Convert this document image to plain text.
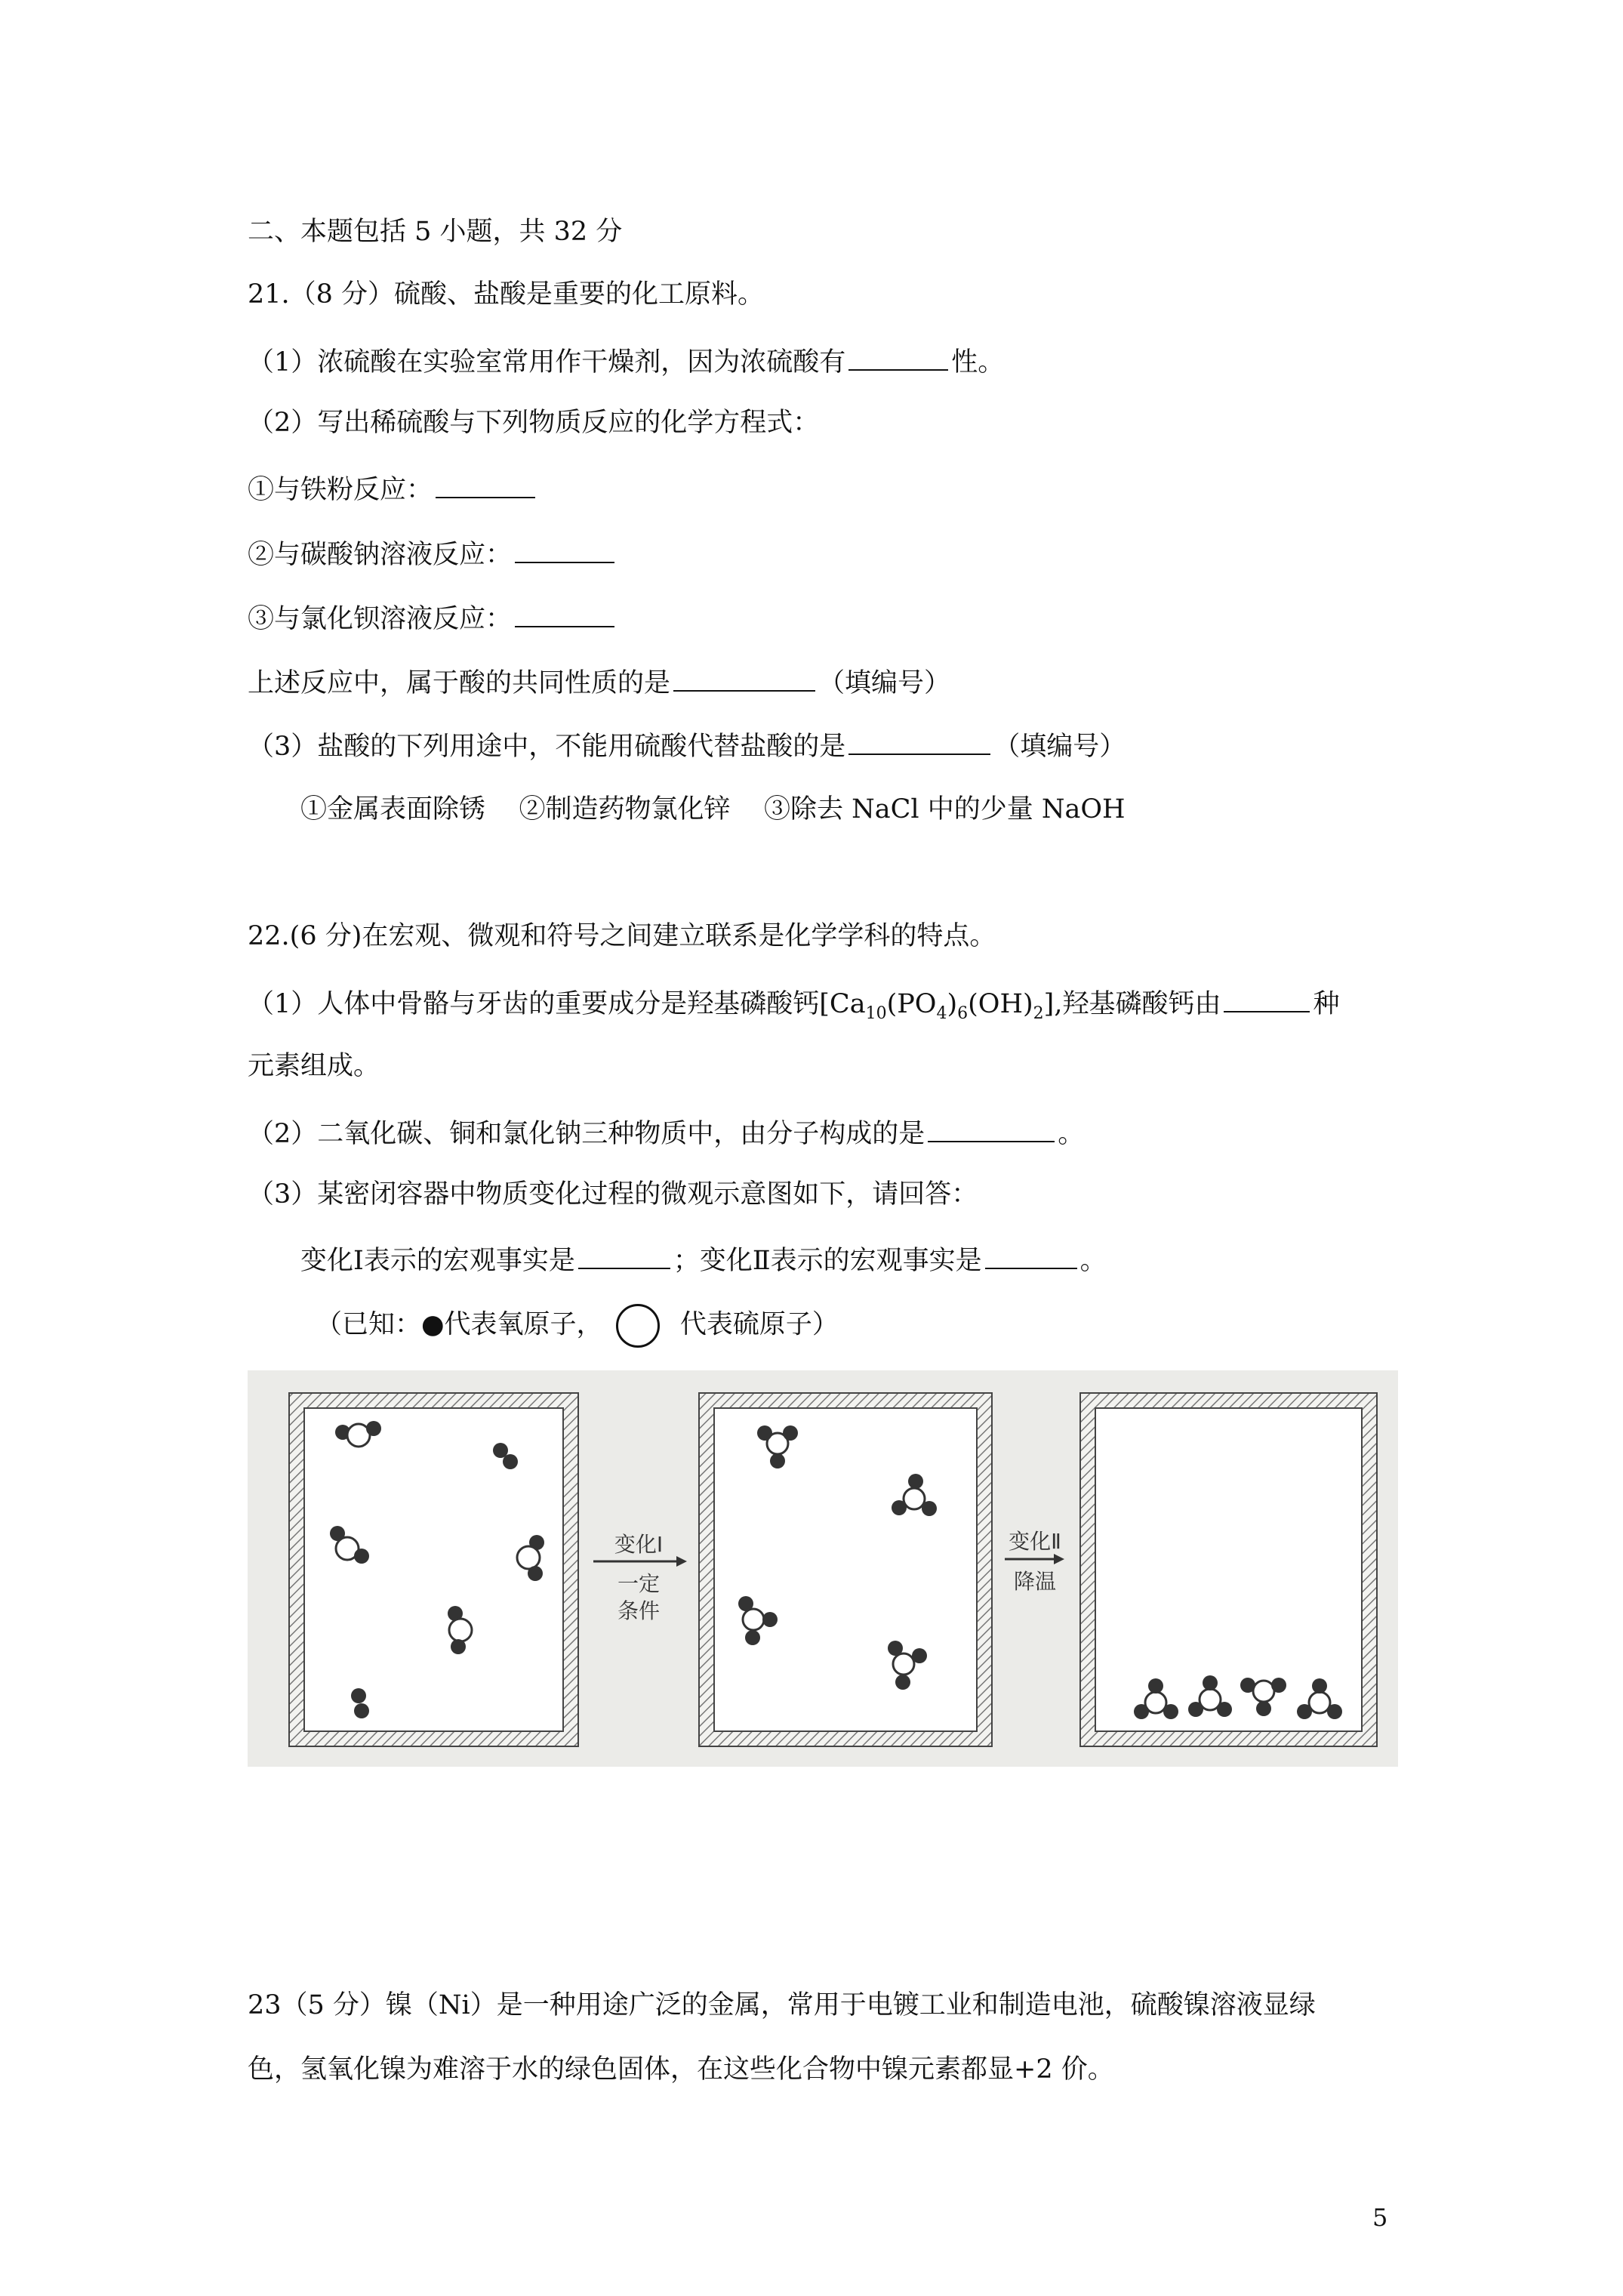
二、本题包括 5 小题，共 32 分
21.（8 分）硫酸、盐酸是重要的化工原料。
（1）浓硫酸在实验室常用作干燥剂，因为浓硫酸有	性。
（2）写出稀硫酸与下列物质反应的化学方程式：
①与铁粉反应：
②与碳酸钠溶液反应：
③与氯化钡溶液反应：
上述反应中，属于酸的共同性质的是	（填编号）
（3）盐酸的下列用途中，不能用硫酸代替盐酸的是	（填编号）
①金属表面除锈    ②制造药物氯化锌    ③除去 NaCl 中的少量 NaOH
22.(6 分)在宏观、微观和符号之间建立联系是化学学科的特点。
（1）人体中骨骼与牙齿的重要成分是羟基磷酸钙$[Ca_{10}(PO_4)_6(OH)_2]$,羟基磷酸钙由	种
元素组成。
（2）二氧化碳、铜和氯化钠三种物质中，由分子构成的是	。
（3）某密闭容器中物质变化过程的微观示意图如下，请回答：
变化Ⅰ表示的宏观事实是	；变化Ⅱ表示的宏观事实是	。
（已知：●代表氧原子，	代表硫原子）
变化Ⅰ
一定
条件
变化Ⅱ
降温
23（5 分）镍（Ni）是一种用途广泛的金属，常用于电镀工业和制造电池，硫酸镍溶液显绿
色，氢氧化镍为难溶于水的绿色固体，在这些化合物中镍元素都显+2 价。
5
